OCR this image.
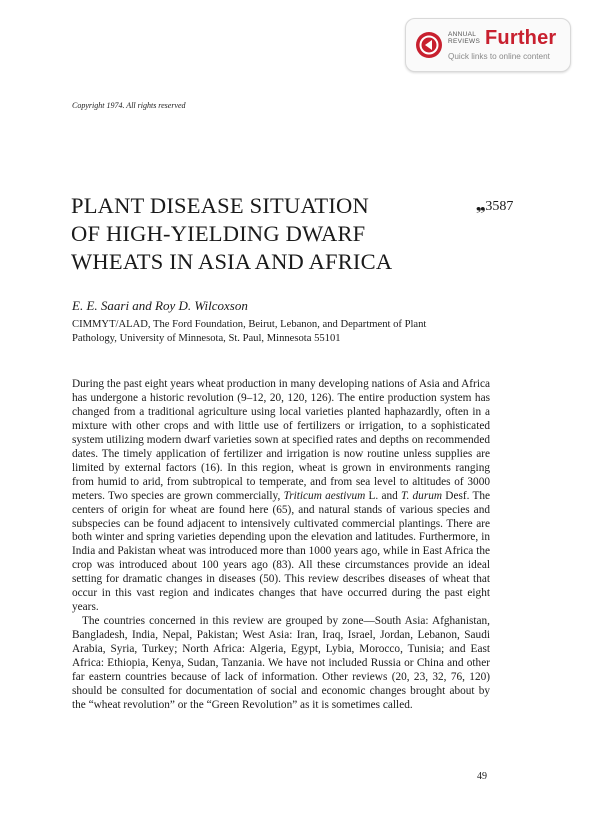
ANNUAL
REVIEWS Further
Quick links to online content
Copyright 1974. All rights reserved
PLANT DISEASE SITUATION
OF HIGH-YIELDING DWARF
WHEATS IN ASIA AND AFRICA
❠3587
E. E. Saari and Roy D. Wilcoxson
CIMMYT/ALAD, The Ford Foundation, Beirut, Lebanon, and Department of Plant
Pathology, University of Minnesota, St. Paul, Minnesota 55101

During the past eight years wheat production in many developing nations of Asia and Africa has undergone a historic revolution (9–12, 20, 120, 126). The entire production system has changed from a traditional agriculture using local varieties planted haphazardly, often in a mixture with other crops and with little use of fertilizers or irrigation, to a sophisticated system utilizing modern dwarf varieties sown at specified rates and depths on recommended dates. The timely application of fertilizer and irrigation is now routine unless supplies are limited by external factors (16). In this region, wheat is grown in environments ranging from humid to arid, from subtropical to temperate, and from sea level to altitudes of 3000 meters. Two species are grown commercially, Triticum aestivum L. and T. durum Desf. The centers of origin for wheat are found here (65), and natural stands of various species and subspecies can be found adjacent to intensively cultivated commercial plantings. There are both winter and spring varieties depending upon the elevation and latitudes. Furthermore, in India and Pakistan wheat was introduced more than 1000 years ago, while in East Africa the crop was introduced about 100 years ago (83). All these circumstances provide an ideal setting for dramatic changes in diseases (50). This review describes diseases of wheat that occur in this vast region and indicates changes that have occurred during the past eight years.

The countries concerned in this review are grouped by zone—South Asia: Afghanistan, Bangladesh, India, Nepal, Pakistan; West Asia: Iran, Iraq, Israel, Jordan, Lebanon, Saudi Arabia, Syria, Turkey; North Africa: Algeria, Egypt, Lybia, Morocco, Tunisia; and East Africa: Ethiopia, Kenya, Sudan, Tanzania. We have not included Russia or China and other far eastern countries because of lack of information. Other reviews (20, 23, 32, 76, 120) should be consulted for documentation of social and economic changes brought about by the “wheat revolution” or the “Green Revolution” as it is sometimes called.

49
